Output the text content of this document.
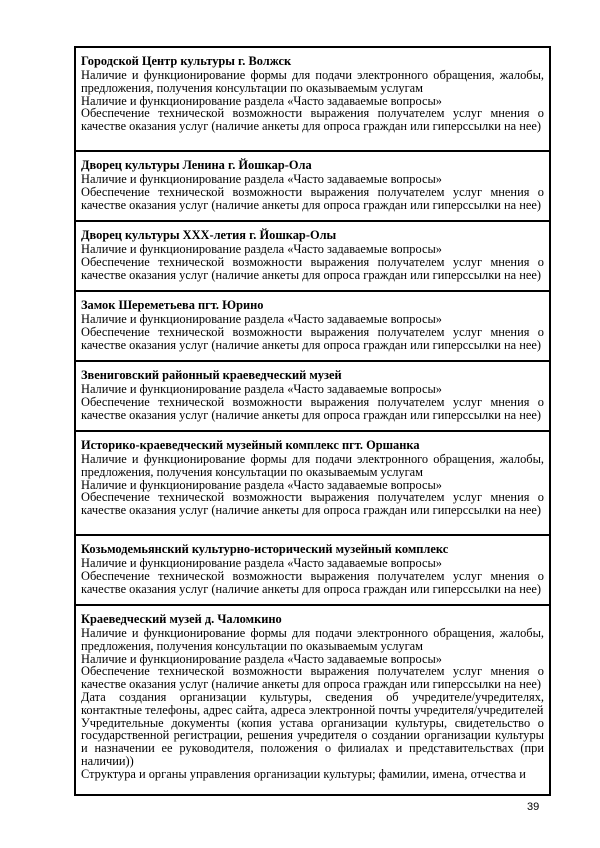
Городской Центр культуры г. Волжск
Наличие и функционирование формы для подачи электронного обращения, жалобы, предложения, получения консультации по оказываемым услугам
Наличие и функционирование раздела «Часто задаваемые вопросы»
Обеспечение технической возможности выражения получателем услуг мнения о качестве оказания услуг (наличие анкеты для опроса граждан или гиперссылки на нее)

Дворец культуры Ленина г. Йошкар-Ола
Наличие и функционирование раздела «Часто задаваемые вопросы»
Обеспечение технической возможности выражения получателем услуг мнения о качестве оказания услуг (наличие анкеты для опроса граждан или гиперссылки на нее)

Дворец культуры ХХХ-летия г. Йошкар-Олы
Наличие и функционирование раздела «Часто задаваемые вопросы»
Обеспечение технической возможности выражения получателем услуг мнения о качестве оказания услуг (наличие анкеты для опроса граждан или гиперссылки на нее)

Замок Шереметьева пгт. Юрино
Наличие и функционирование раздела «Часто задаваемые вопросы»
Обеспечение технической возможности выражения получателем услуг мнения о качестве оказания услуг (наличие анкеты для опроса граждан или гиперссылки на нее)

Звениговский районный краеведческий музей
Наличие и функционирование раздела «Часто задаваемые вопросы»
Обеспечение технической возможности выражения получателем услуг мнения о качестве оказания услуг (наличие анкеты для опроса граждан или гиперссылки на нее)

Историко-краеведческий музейный комплекс пгт. Оршанка
Наличие и функционирование формы для подачи электронного обращения, жалобы, предложения, получения консультации по оказываемым услугам
Наличие и функционирование раздела «Часто задаваемые вопросы»
Обеспечение технической возможности выражения получателем услуг мнения о качестве оказания услуг (наличие анкеты для опроса граждан или гиперссылки на нее)

Козьмодемьянский культурно-исторический музейный комплекс
Наличие и функционирование раздела «Часто задаваемые вопросы»
Обеспечение технической возможности выражения получателем услуг мнения о качестве оказания услуг (наличие анкеты для опроса граждан или гиперссылки на нее)

Краеведческий музей д. Чаломкино
Наличие и функционирование формы для подачи электронного обращения, жалобы, предложения, получения консультации по оказываемым услугам
Наличие и функционирование раздела «Часто задаваемые вопросы»
Обеспечение технической возможности выражения получателем услуг мнения о качестве оказания услуг (наличие анкеты для опроса граждан или гиперссылки на нее)
Дата создания организации культуры, сведения об учредителе/учредителях, контактные телефоны, адрес сайта, адреса электронной почты учредителя/учредителей
Учредительные документы (копия устава организации культуры, свидетельство о государственной регистрации, решения учредителя о создании организации культуры и назначении ее руководителя, положения о филиалах и представительствах (при наличии))
Структура и органы управления организации культуры; фамилии, имена, отчества и
39
